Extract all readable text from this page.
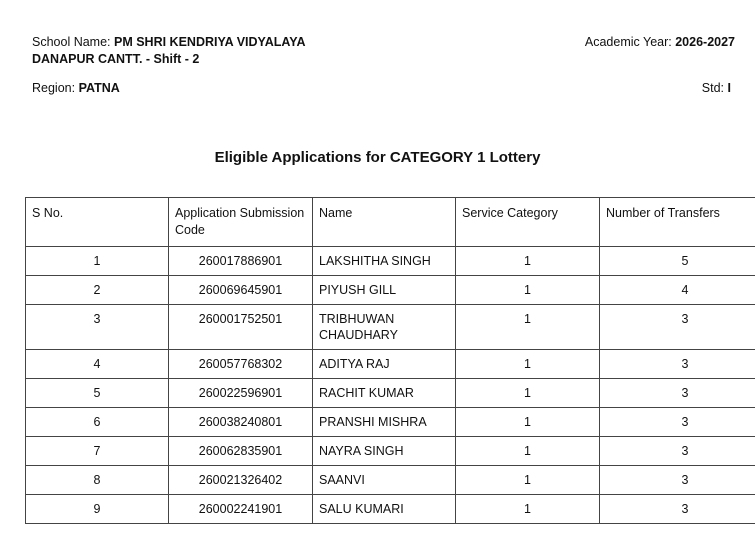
School Name: PM SHRI KENDRIYA VIDYALAYA
DANAPUR CANTT. - Shift - 2
Academic Year: 2026-2027
Region: PATNA	Std: I
Eligible Applications for CATEGORY 1 Lottery
S No.	Application Submission Code	Name	Service Category	Number of Transfers
1	260017886901	LAKSHITHA SINGH	1	5
2	260069645901	PIYUSH GILL	1	4
3	260001752501	TRIBHUWAN CHAUDHARY	1	3
4	260057768302	ADITYA RAJ	1	3
5	260022596901	RACHIT KUMAR	1	3
6	260038240801	PRANSHI MISHRA	1	3
7	260062835901	NAYRA SINGH	1	3
8	260021326402	SAANVI	1	3
9	260002241901	SALU KUMARI	1	3
